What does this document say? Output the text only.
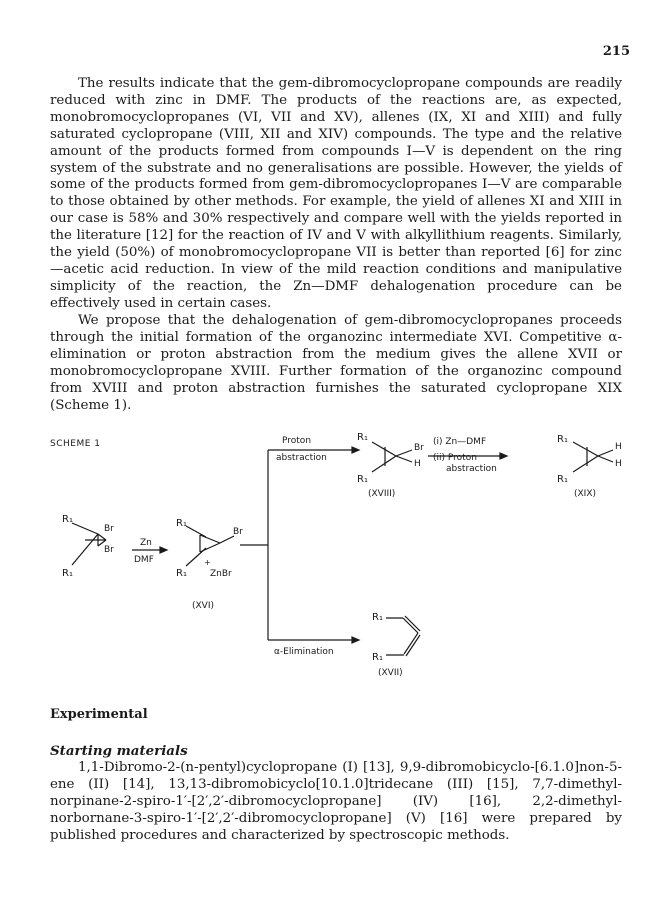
215

The results indicate that the gem-dibromocyclopropane compounds are readily reduced with zinc in DMF. The products of the reactions are, as expected, monobromocyclopropanes (VI, VII and XV), allenes (IX, XI and XIII) and fully saturated cyclopropane (VIII, XII and XIV) compounds. The type and the relative amount of the products formed from compounds I—V is dependent on the ring system of the substrate and no generalisations are possible. However, the yields of some of the products formed from gem-dibromocyclopropanes I—V are comparable to those obtained by other methods. For example, the yield of allenes XI and XIII in our case is 58% and 30% respectively and compare well with the yields reported in the literature [12] for the reaction of IV and V with alkyllithium reagents. Similarly, the yield (50%) of monobromocyclopropane VII is better than reported [6] for zinc—acetic acid reduction. In view of the mild reaction conditions and manipulative simplicity of the reaction, the Zn—DMF dehalogenation procedure can be effectively used in certain cases.

We propose that the dehalogenation of gem-dibromocyclopropanes proceeds through the initial formation of the organozinc intermediate XVI. Competitive α-elimination or proton abstraction from the medium gives the allene XVII or monobromocyclopropane XVIII. Further formation of the organozinc compound from XVIII and proton abstraction furnishes the saturated cyclopropane XIX (Scheme 1).

SCHEME 1
R₁
R₁
Br
Br
Zn
DMF
R₁
R₁
Br
ZnBr
+
(XVI)
Proton
abstraction
R₁
R₁
Br
H
(XVIII)
(i) Zn—DMF
(ii) Proton
abstraction
R₁
R₁
H
H
(XIX)
α-Elimination
R₁
R₁
(XVII)
Experimental
Starting materials

1,1-Dibromo-2-(n-pentyl)cyclopropane (I) [13], 9,9-dibromobicyclo-[6.1.0]non-5-ene (II) [14], 13,13-dibromobicyclo[10.1.0]tridecane (III) [15], 7,7-dimethyl-norpinane-2-spiro-1′-[2′,2′-dibromocyclopropane] (IV) [16], 2,2-dimethyl-norbornane-3-spiro-1′-[2′,2′-dibromocyclopropane] (V) [16] were prepared by published procedures and characterized by spectroscopic methods.
